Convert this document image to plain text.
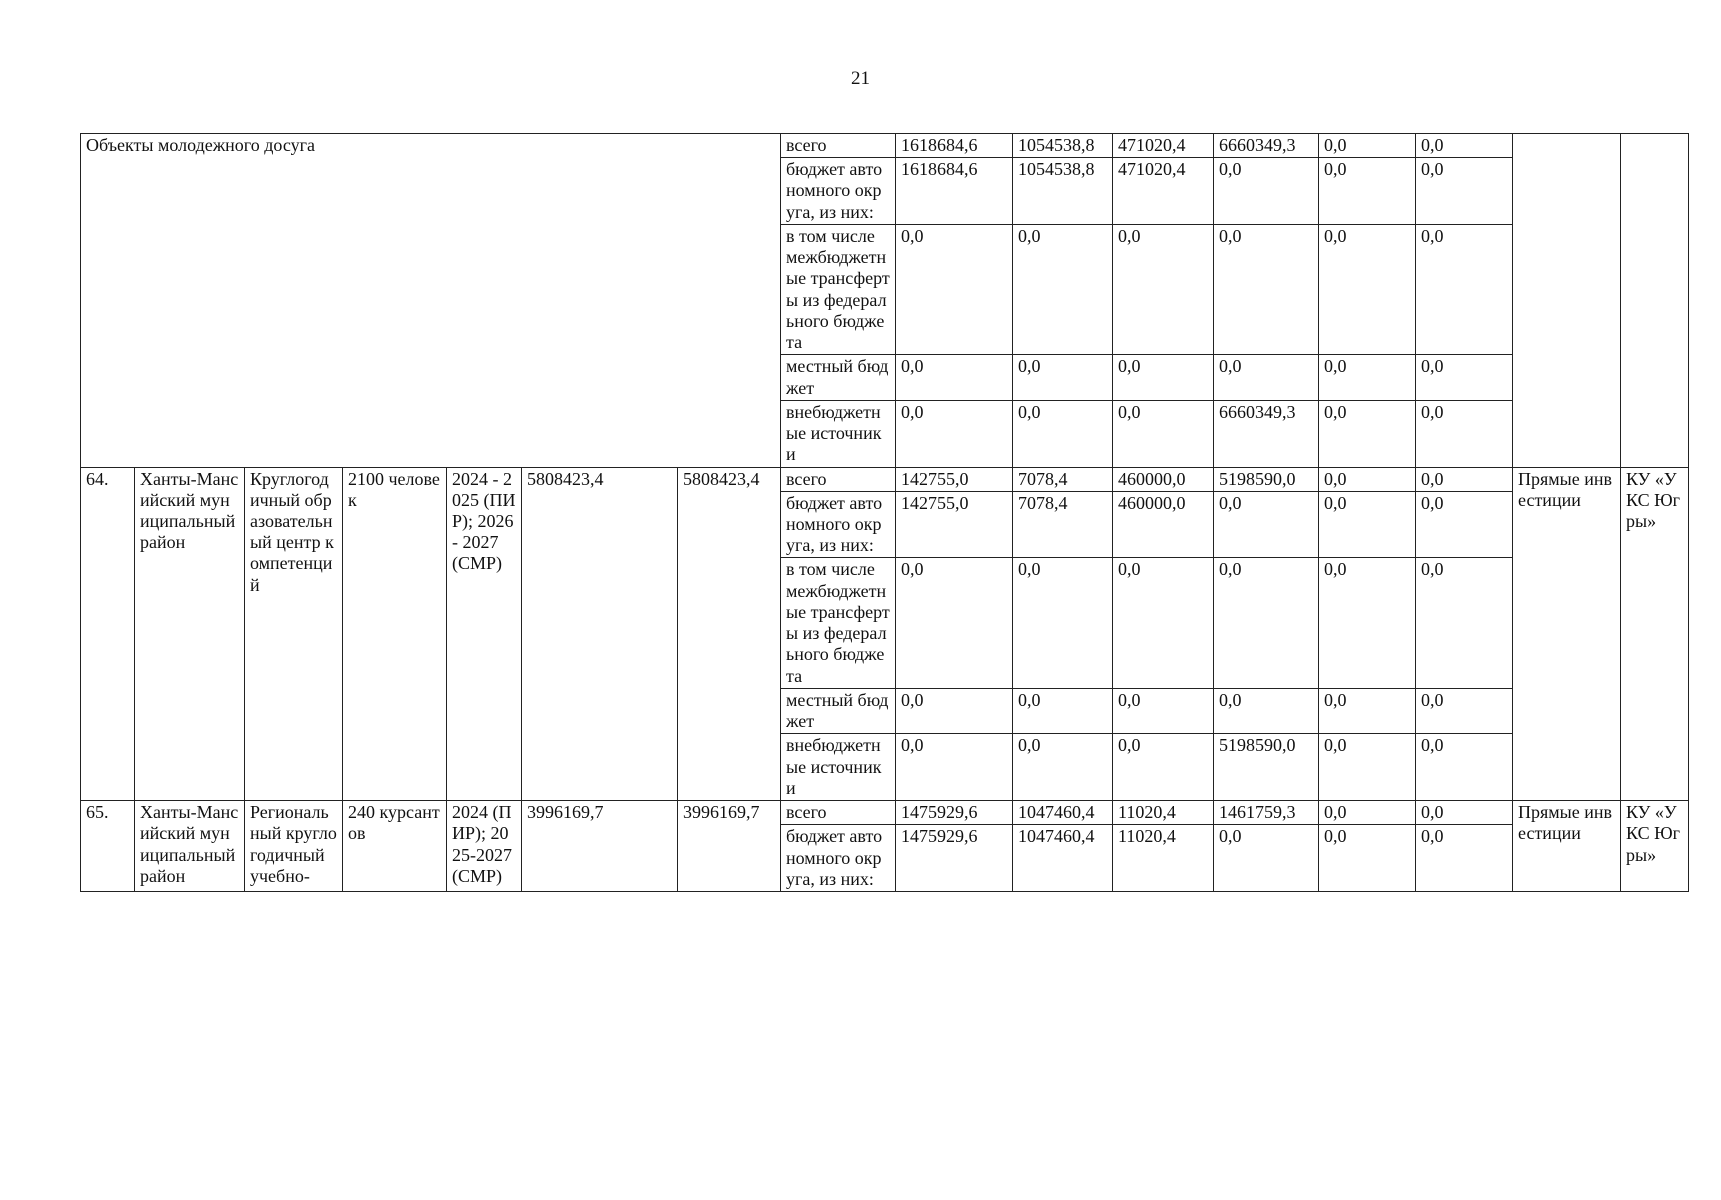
21
Объекты молодежного досуга							всего	1618684,6	1054538,8	471020,4	6660349,3	0,0	0,0		
							бюджет автономного округа, из них:	1618684,6	1054538,8	471020,4	0,0	0,0	0,0		
							в том числе межбюджетные трансферты из федерального бюджета	0,0	0,0	0,0	0,0	0,0	0,0		
							местный бюджет	0,0	0,0	0,0	0,0	0,0	0,0		
							внебюджетные источники	0,0	0,0	0,0	6660349,3	0,0	0,0		
64.	Ханты-Мансийский муниципальный район	Круглогодичный образовательный центр компетенций	2100 человек	2024 - 2025 (ПИР); 2026 - 2027 (СМР)	5808423,4	5808423,4	всего	142755,0	7078,4	460000,0	5198590,0	0,0	0,0	Прямые инвестиции	КУ «УКС Югры»
							бюджет автономного округа, из них:	142755,0	7078,4	460000,0	0,0	0,0	0,0		
							в том числе межбюджетные трансферты из федерального бюджета	0,0	0,0	0,0	0,0	0,0	0,0		
							местный бюджет	0,0	0,0	0,0	0,0	0,0	0,0		
							внебюджетные источники	0,0	0,0	0,0	5198590,0	0,0	0,0		
65.	Ханты-Мансийский муниципальный район	Региональный круглогодичный учебно-	240 курсантов	2024 (ПИР); 2025-2027 (СМР)	3996169,7	3996169,7	всего	1475929,6	1047460,4	11020,4	1461759,3	0,0	0,0	Прямые инвестиции	КУ «УКС Югры»
							бюджет автономного округа, из них:	1475929,6	1047460,4	11020,4	0,0	0,0	0,0		
